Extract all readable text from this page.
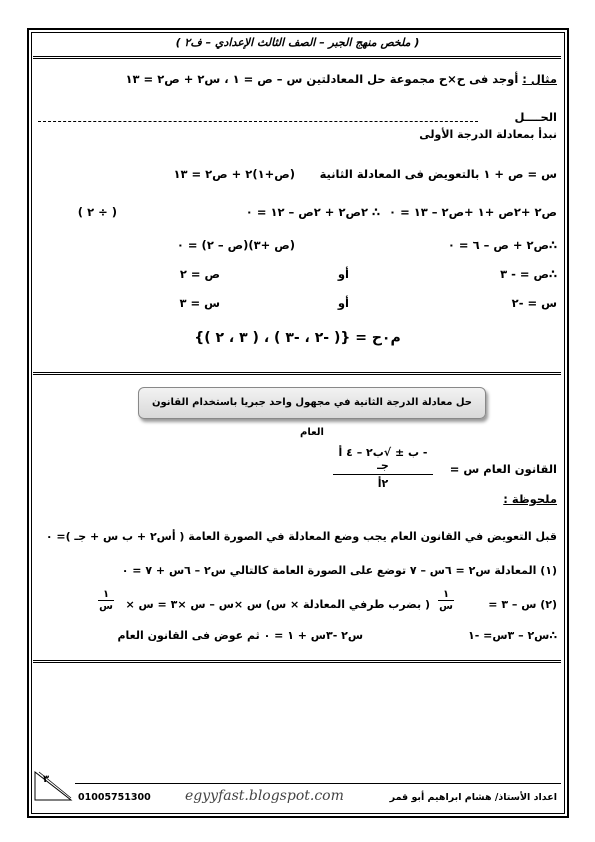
( ملخص منهج الجبر – الصف الثالث الإعدادي – ف٢ )
مثال : أوجد فى ح×ح مجموعة حل المعادلتين س – ص = ١ ، س٢ + ص٢ = ١٣
الحــــل
نبدأ بمعادلة الدرجة الأولى
س = ص + ١ بالتعويض فى المعادلة الثانية
(ص+١)٢ + ص٢ = ١٣
ص٢ +٢ص +١ +ص٢ – ١٣ = ٠
∴ ٢ص٢ + ٢ص – ١٢ = ٠
( ÷ ٢ )
∴ص٢ + ص – ٦ = ٠
(ص +٣)(ص – ٢) = ٠
∴ص = - ٣
أو
ص = ٢
س = -٢
أو
س = ٣
م٠ح = {( -٢ ، -٣ ) ، ( ٣ ، ٢ )}
حل معادلة الدرجة الثانية في مجهول واحد جبريا باستخدام القانون العام
القانون العام س =
- ب ± √ب٢ – ٤ أ جـ
٢أ
ملحوظة :
قبل التعويض في القانون العام يجب وضع المعادلة في الصورة العامة ( أس٢ + ب س + جـ )= ٠
(١) المعادلة س٢ = ٦س – ٧ توضع على الصورة العامة كالتالي س٢ – ٦س + ٧ = ٠
(٢) س – ٣ =
١
س
( بضرب طرفي المعادلة × س) س ×س – س ×٣ = س ×
١
س
∴س٢ – ٣س= -١
س٢ -٣س + ١ = ٠ ثم عوض فى القانون العام
اعداد الأستاذ/ هشام ابراهيم أبو قمر
egyyfast.blogspot.com
01005751300
٣
